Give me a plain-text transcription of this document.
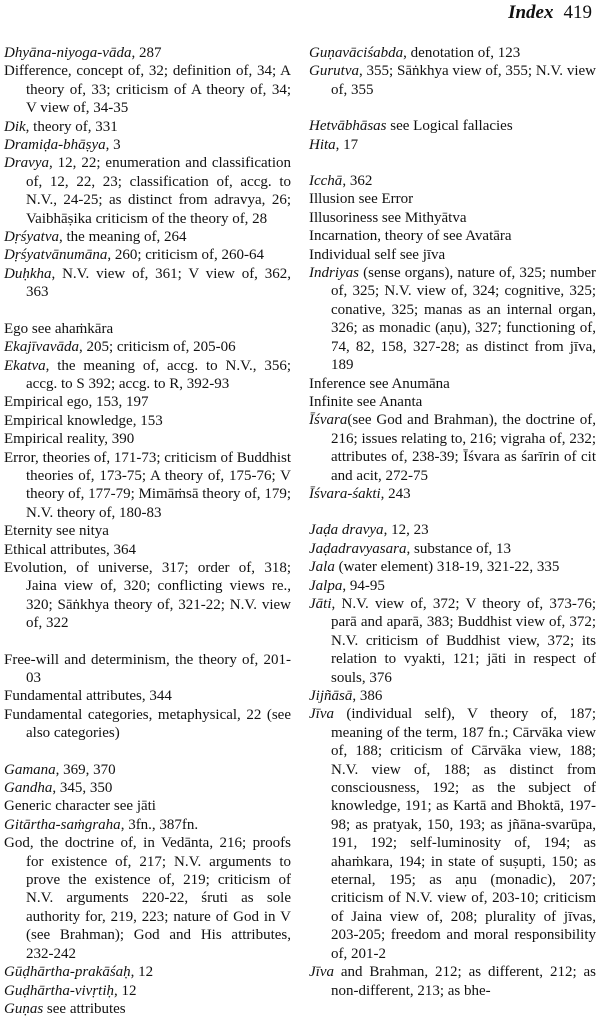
Index 419

Dhyāna-niyoga-vāda, 287

Difference, concept of, 32; definition of, 34; A theory of, 33; criticism of A theory of, 34; V view of, 34-35

Dik, theory of, 331

Dramiḍa-bhāṣya, 3

Dravya, 12, 22; enumeration and classification of, 12, 22, 23; classification of, accg. to N.V., 24-25; as distinct from adravya, 26; Vaibhāṣika criticism of the theory of, 28

Dṛśyatva, the meaning of, 264

Dṛśyatvānumāna, 260; criticism of, 260-64

Duḥkha, N.V. view of, 361; V view of, 362, 363

Ego see ahaṁkāra

Ekajīvavāda, 205; criticism of, 205-06

Ekatva, the meaning of, accg. to N.V., 356; accg. to S 392; accg. to R, 392-93

Empirical ego, 153, 197

Empirical knowledge, 153

Empirical reality, 390

Error, theories of, 171-73; criticism of Buddhist theories of, 173-75; A theory of, 175-76; V theory of, 177-79; Mimāṁsā theory of, 179; N.V. theory of, 180-83

Eternity see nitya

Ethical attributes, 364

Evolution, of universe, 317; order of, 318; Jaina view of, 320; conflicting views re., 320; Sāṅkhya theory of, 321-22; N.V. view of, 322

Free-will and determinism, the theory of, 201-03

Fundamental attributes, 344

Fundamental categories, metaphysical, 22 (see also categories)

Gamana, 369, 370

Gandha, 345, 350

Generic character see jāti

Gitārtha-saṁgraha, 3fn., 387fn.

God, the doctrine of, in Vedānta, 216; proofs for existence of, 217; N.V. arguments to prove the existence of, 219; criticism of N.V. arguments 220-22, śruti as sole authority for, 219, 223; nature of God in V (see Brahman); God and His attributes, 232-242

Gūḍhārtha-prakāśaḥ, 12

Guḍhārtha-vivṛtiḥ, 12

Guṇas see attributes

Guṇavāciśabda, denotation of, 123

Gurutva, 355; Sāṅkhya view of, 355; N.V. view of, 355

Hetvābhāsas see Logical fallacies

Hita, 17

Icchā, 362

Illusion see Error

Illusoriness see Mithyātva

Incarnation, theory of see Avatāra

Individual self see jīva

Indriyas (sense organs), nature of, 325; number of, 325; N.V. view of, 324; cognitive, 325; conative, 325; manas as an internal organ, 326; as monadic (aṇu), 327; functioning of, 74, 82, 158, 327-28; as distinct from jīva, 189

Inference see Anumāna

Infinite see Ananta

Īśvara(see God and Brahman), the doctrine of, 216; issues relating to, 216; vigraha of, 232; attributes of, 238-39; Īśvara as śarīrin of cit and acit, 272-75

Īśvara-śakti, 243

Jaḍa dravya, 12, 23

Jaḍadravyasara, substance of, 13

Jala (water element) 318-19, 321-22, 335

Jalpa, 94-95

Jāti, N.V. view of, 372; V theory of, 373-76; parā and aparā, 383; Buddhist view of, 372; N.V. criticism of Buddhist view, 372; its relation to vyakti, 121; jāti in respect of souls, 376

Jijñāsā, 386

Jīva (individual self), V theory of, 187; meaning of the term, 187 fn.; Cārvāka view of, 188; criticism of Cārvāka view, 188; N.V. view of, 188; as distinct from consciousness, 192; as the subject of knowledge, 191; as Kartā and Bhoktā, 197-98; as pratyak, 150, 193; as jñāna-svarūpa, 191, 192; self-luminosity of, 194; as ahaṁkara, 194; in state of suṣupti, 150; as eternal, 195; as aṇu (monadic), 207; criticism of N.V. view of, 203-10; criticism of Jaina view of, 208; plurality of jīvas, 203-205; freedom and moral responsibility of, 201-2

Jīva and Brahman, 212; as different, 212; as non-different, 213; as bhe-
